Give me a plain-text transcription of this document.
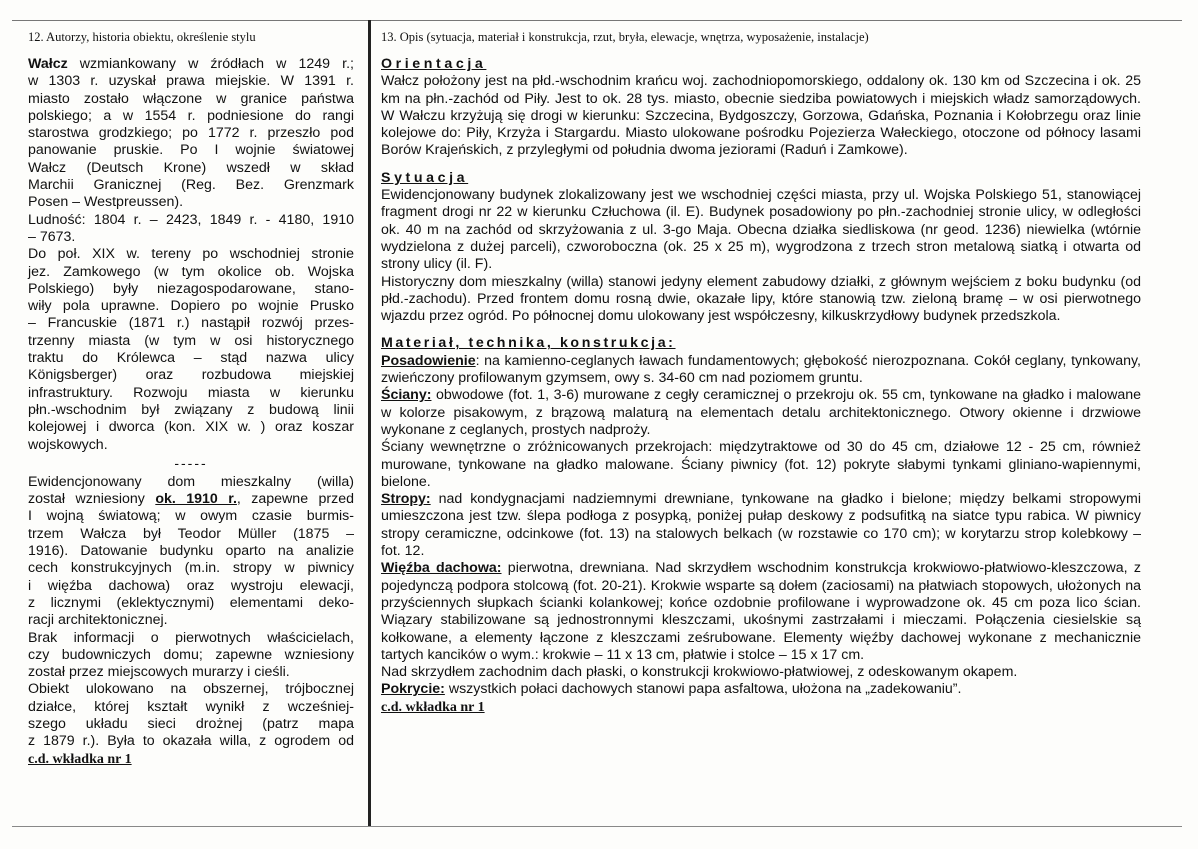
12. Autorzy, historia obiektu, określenie stylu
Wałcz wzmiankowany w źródłach w 1249 r.;
w 1303 r. uzyskał prawa miejskie. W 1391 r.
miasto zostało włączone w granice państwa
polskiego; a w 1554 r. podniesione do rangi
starostwa grodzkiego; po 1772 r. przeszło pod
panowanie pruskie. Po I wojnie światowej
Wałcz (Deutsch Krone) wszedł w skład
Marchii Granicznej (Reg. Bez. Grenzmark
Posen – Westpreussen).
Ludność: 1804 r. – 2423, 1849 r. - 4180, 1910
– 7673.
Do poł. XIX w. tereny po wschodniej stronie
jez. Zamkowego (w tym okolice ob. Wojska
Polskiego) były niezagospodarowane, stano-
wiły pola uprawne. Dopiero po wojnie Prusko
– Francuskie (1871 r.) nastąpił rozwój przes-
trzenny miasta (w tym w osi historycznego
traktu do Królewca – stąd nazwa ulicy
Königsberger) oraz rozbudowa miejskiej
infrastruktury. Rozwoju miasta w kierunku
płn.-wschodnim był związany z budową linii
kolejowej i dworca (kon. XIX w. ) oraz koszar
wojskowych.
-----
Ewidencjonowany dom mieszkalny (willa)
został wzniesiony ok. 1910 r., zapewne przed
I wojną światową; w owym czasie burmis-
trzem Wałcza był Teodor Müller (1875 –
1916). Datowanie budynku oparto na analizie
cech konstrukcyjnych (m.in. stropy w piwnicy
i więźba dachowa) oraz wystroju elewacji,
z licznymi (eklektycznymi) elementami deko-
racji architektonicznej.
Brak informacji o pierwotnych właścicielach,
czy budowniczych domu; zapewne wzniesiony
został przez miejscowych murarzy i cieśli.
Obiekt ulokowano na obszernej, trójbocznej
działce, której kształt wynikł z wcześniej-
szego układu sieci drożnej (patrz mapa
z 1879 r.). Była to okazała willa, z ogrodem od
c.d. wkładka nr 1
13. Opis (sytuacja, materiał i konstrukcja, rzut, bryła, elewacje, wnętrza, wyposażenie, instalacje)
Orientacja

Wałcz położony jest na płd.-wschodnim krańcu woj. zachodniopomorskiego, oddalony ok. 130 km od Szczecina i ok. 25 km na płn.-zachód od Piły. Jest to ok. 28 tys. miasto, obecnie siedziba powiatowych i miejskich władz samorządowych. W Wałczu krzyżują się drogi w kierunku: Szczecina, Bydgoszczy, Gorzowa, Gdańska, Poznania i Kołobrzegu oraz linie kolejowe do: Piły, Krzyża i Stargardu. Miasto ulokowane pośrodku Pojezierza Wałeckiego, otoczone od północy lasami Borów Krajeńskich, z przyległymi od południa dwoma jeziorami (Raduń i Zamkowe).

Sytuacja

Ewidencjonowany budynek zlokalizowany jest we wschodniej części miasta, przy ul. Wojska Polskiego 51, stanowiącej fragment drogi nr 22 w kierunku Człuchowa (il. E). Budynek posadowiony po płn.-zachodniej stronie ulicy, w odległości ok. 40 m na zachód od skrzyżowania z ul. 3-go Maja. Obecna działka siedliskowa (nr geod. 1236) niewielka (wtórnie wydzielona z dużej parceli), czworoboczna (ok. 25 x 25 m), wygrodzona z trzech stron metalową siatką i otwarta od strony ulicy (il. F).

Historyczny dom mieszkalny (willa) stanowi jedyny element zabudowy działki, z głównym wejściem z boku budynku (od płd.-zachodu). Przed frontem domu rosną dwie, okazałe lipy, które stanowią tzw. zieloną bramę – w osi pierwotnego wjazdu przez ogród. Po północnej domu ulokowany jest współczesny, kilkuskrzydłowy budynek przedszkola.

Materiał, technika, konstrukcja:

Posadowienie: na kamienno-ceglanych ławach fundamentowych; głębokość nierozpoznana. Cokół ceglany, tynkowany, zwieńczony profilowanym gzymsem, owy s. 34-60 cm nad poziomem gruntu.

Ściany: obwodowe (fot. 1, 3-6) murowane z cegły ceramicznej o przekroju ok. 55 cm, tynkowane na gładko i malowane w kolorze pisakowym, z brązową malaturą na elementach detalu architektonicznego. Otwory okienne i drzwiowe wykonane z ceglanych, prostych nadproży.

Ściany wewnętrzne o zróżnicowanych przekrojach: międzytraktowe od 30 do 45 cm, działowe 12 - 25 cm, również murowane, tynkowane na gładko malowane. Ściany piwnicy (fot. 12) pokryte słabymi tynkami gliniano-wapiennymi, bielone.

Stropy: nad kondygnacjami nadziemnymi drewniane, tynkowane na gładko i bielone; między belkami stropowymi umieszczona jest tzw. ślepa podłoga z posypką, poniżej pułap deskowy z podsufitką na siatce typu rabica. W piwnicy stropy ceramiczne, odcinkowe (fot. 13) na stalowych belkach (w rozstawie co 170 cm); w korytarzu strop kolebkowy – fot. 12.

Więźba dachowa: pierwotna, drewniana. Nad skrzydłem wschodnim konstrukcja krokwiowo-płatwiowo-kleszczowa, z pojedynczą podpora stolcową (fot. 20-21). Krokwie wsparte są dołem (zaciosami) na płatwiach stopowych, ułożonych na przyściennych słupkach ścianki kolankowej; końce ozdobnie profilowane i wyprowadzone ok. 45 cm poza lico ścian. Wiązary stabilizowane są jednostronnymi kleszczami, ukośnymi zastrzałami i mieczami. Połączenia ciesielskie są kołkowane, a elementy łączone z kleszczami ześrubowane. Elementy więźby dachowej wykonane z mechanicznie tartych kancików o wym.: krokwie – 11 x 13 cm, płatwie i stolce – 15 x 17 cm.

Nad skrzydłem zachodnim dach płaski, o konstrukcji krokwiowo-płatwiowej, z odeskowanym okapem.

Pokrycie: wszystkich połaci dachowych stanowi papa asfaltowa, ułożona na „zadekowaniu”.

c.d. wkładka nr 1
